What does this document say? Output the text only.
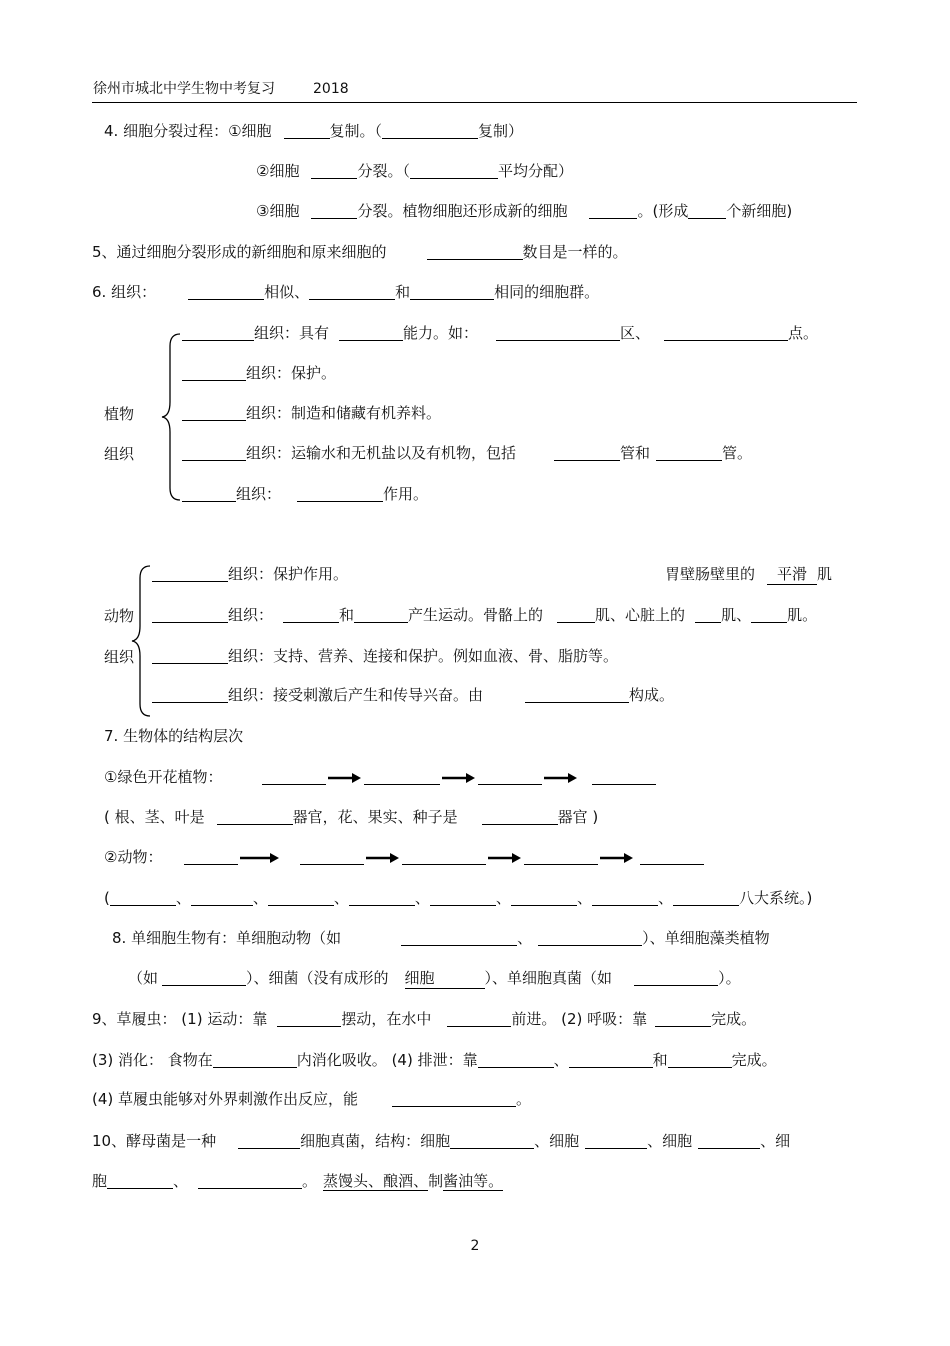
徐州市城北中学生物中考复习	2018
4. 细胞分裂过程：①细胞	复制。（	复制）
②细胞	分裂。（	平均分配）
③细胞	分裂。植物细胞还形成新的细胞	。(形成	个新细胞)
5、通过细胞分裂形成的新细胞和原来细胞的	数目是一样的。
6. 组织：	相似、	和	相同的细胞群。
植物
组织
组织：具有	能力。如：	区、	点。
组织：保护。
组织：制造和储藏有机养料。
组织：运输水和无机盐以及有机物，包括	管和	管。
组织：	作用。
动物
组织
组织：保护作用。	胃壁肠壁里的 平滑 肌
组织：	和	产生运动。骨骼上的	肌、心脏上的 肌、 肌。
组织：支持、营养、连接和保护。例如血液、骨、脂肪等。
组织：接受刺激后产生和传导兴奋。由	构成。
7. 生物体的结构层次
①绿色开花植物：
( 根、茎、叶是	器官，花、果实、种子是	器官 )
②动物：
(	、	、	、	、	、	、	、	八大系统。)
8. 单细胞生物有：单细胞动物（如	、	）、单细胞藻类植物
（如	）、细菌（没有成形的 细胞	）、单细胞真菌（如	）。
9、草履虫： (1) 运动：靠	摆动，在水中	前进。 (2) 呼吸：靠	完成。
(3) 消化： 食物在	内消化吸收。 (4) 排泄：靠	、	和	完成。
(4) 草履虫能够对外界刺激作出反应，能	。
10、酵母菌是一种	细胞真菌，结构：细胞	、细胞	、细胞	、细
胞	、	。 蒸馒头、酿酒、制酱油等。
2
